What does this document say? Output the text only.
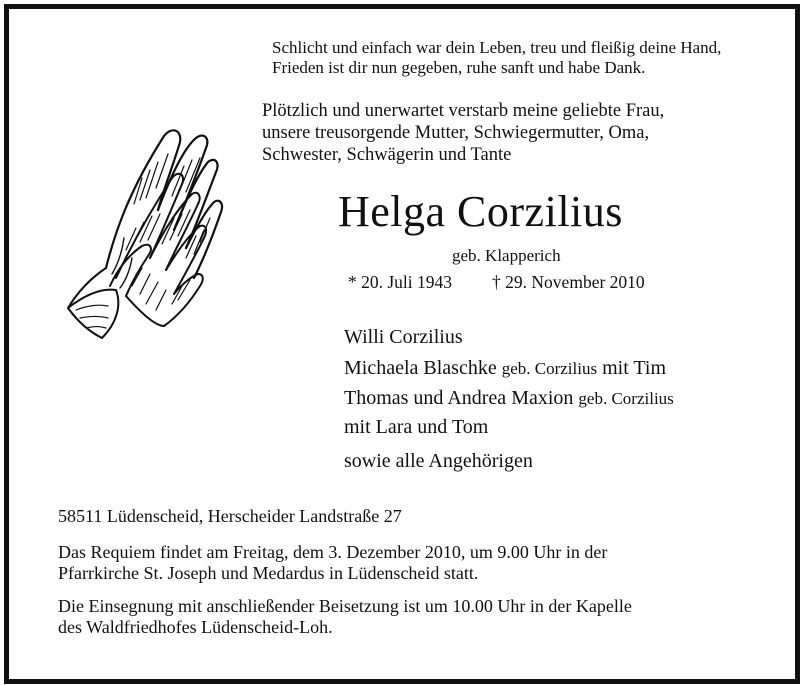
Schlicht und einfach war dein Leben, treu und fleißig deine Hand,
Frieden ist dir nun gegeben, ruhe sanft und habe Dank.
Plötzlich und unerwartet verstarb meine geliebte Frau,
unsere treusorgende Mutter, Schwiegermutter, Oma,
Schwester, Schwägerin und Tante
Helga Corzilius
geb. Klapperich
* 20. Juli 1943 † 29. November 2010
Willi Corzilius
Michaela Blaschke geb. Corzilius mit Tim
Thomas und Andrea Maxion geb. Corzilius
mit Lara und Tom
sowie alle Angehörigen
58511 Lüdenscheid, Herscheider Landstraße 27
Das Requiem findet am Freitag, dem 3. Dezember 2010, um 9.00 Uhr in der
Pfarrkirche St. Joseph und Medardus in Lüdenscheid statt.
Die Einsegnung mit anschließender Beisetzung ist um 10.00 Uhr in der Kapelle
des Waldfriedhofes Lüdenscheid-Loh.
